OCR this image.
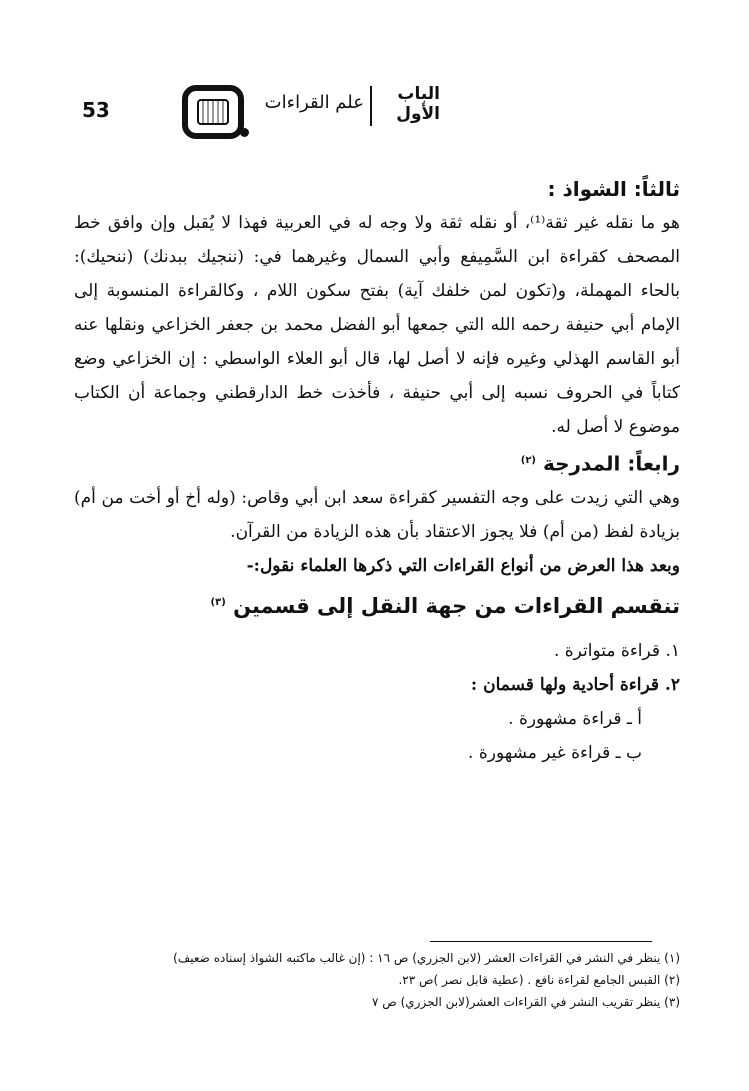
53	علم القراءات	الباب
الأول
ثالثاً: الشواذ :

هو ما نقله غير ثقة⁽¹⁾، أو نقله ثقة ولا وجه له في العربية فهذا لا يُقبل وإن وافق خط المصحف كقراءة ابن السَّمِيفع وأبي السمال وغيرهما في: (ننجيك ببدنك) (ننحيك): بالحاء المهملة، و(تكون لمن خلفك آية) بفتح سكون اللام ، وكالقراءة المنسوبة إلى الإمام أبي حنيفة رحمه الله التي جمعها أبو الفضل محمد بن جعفر الخزاعي ونقلها عنه أبو القاسم الهذلي وغيره فإنه لا أصل لها، قال أبو العلاء الواسطي : إن الخزاعي وضع كتاباً في الحروف نسبه إلى أبي حنيفة ، فأخذت خط الدارقطني وجماعة أن الكتاب موضوع لا أصل له.

رابعاً: المدرجة $^{(٢)}$

وهي التي زيدت على وجه التفسير كقراءة سعد ابن أبي وقاص: (وله أخ أو أخت من أم) بزيادة لفظ (من أم) فلا يجوز الاعتقاد بأن هذه الزيادة من القرآن.

وبعد هذا العرض من أنواع القراءات التي ذكرها العلماء نقول:-
تنقسم القراءات من جهة النقل إلى قسمين $^{(٣)}$
١. قراءة متواترة .
٢. قراءة أحادية ولها قسمان :
أ ـ قراءة مشهورة .
ب ـ قراءة غير مشهورة .
(١) ينظر في النشر في القراءات العشر (لابن الجزري) ص ١٦ : (إن غالب ماكتبه الشواذ إسناده ضعيف)
(٢) القبس الجامع لقراءة نافع . (عطية قابل نصر )ص ٢٣.
(٣) ينظر تقريب النشر في القراءات العشر(لابن الجزري) ص ٧
